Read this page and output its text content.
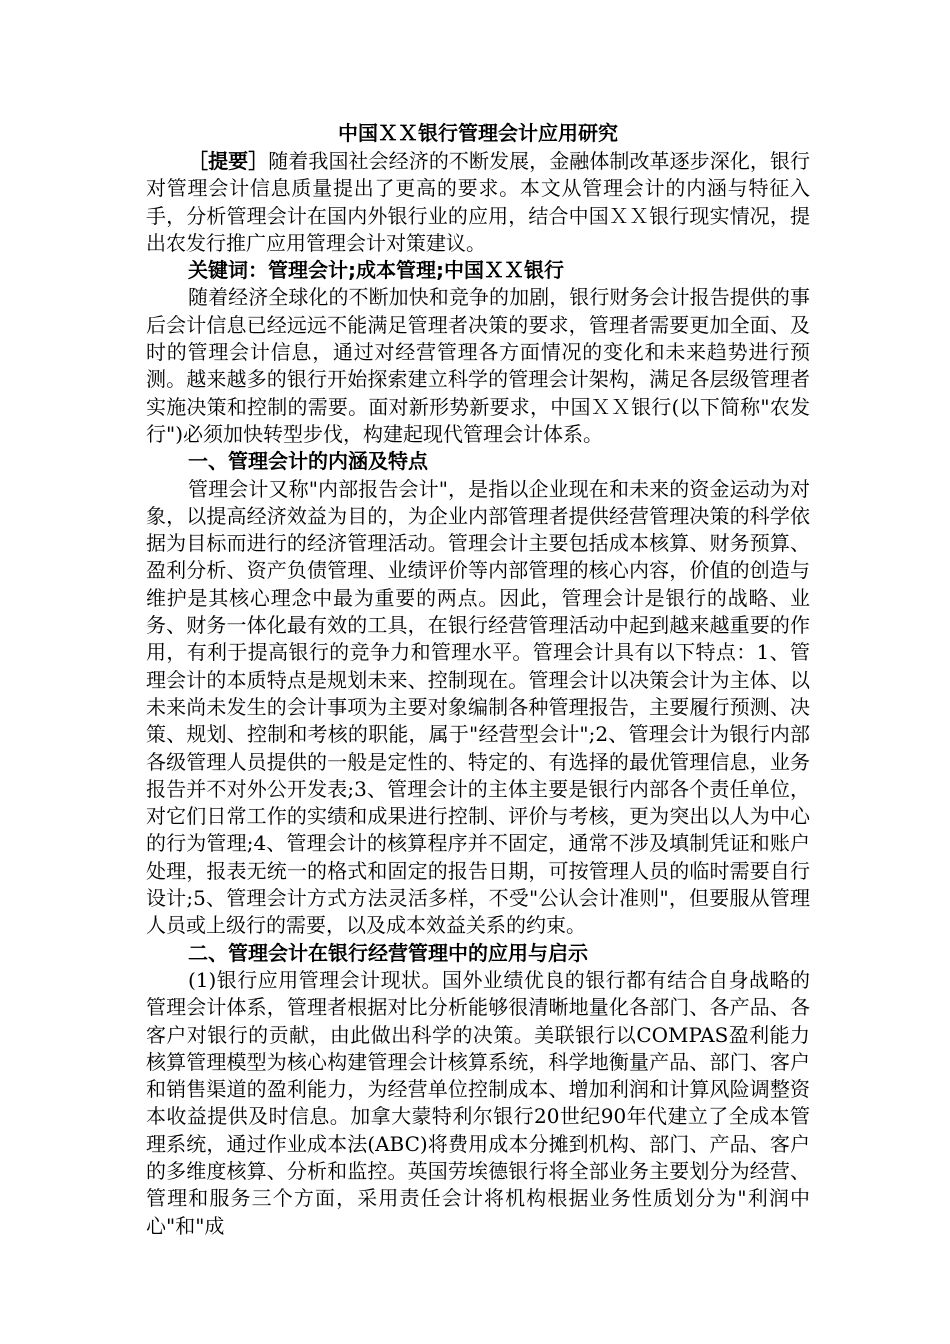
中国ＸＸ银行管理会计应用研究

［提要］随着我国社会经济的不断发展，金融体制改革逐步深化，银行对管理会计信息质量提出了更高的要求。本文从管理会计的内涵与特征入手，分析管理会计在国内外银行业的应用，结合中国ＸＸ银行现实情况，提出农发行推广应用管理会计对策建议。

关键词：管理会计;成本管理;中国ＸＸ银行

随着经济全球化的不断加快和竞争的加剧，银行财务会计报告提供的事后会计信息已经远远不能满足管理者决策的要求，管理者需要更加全面、及时的管理会计信息，通过对经营管理各方面情况的变化和未来趋势进行预测。越来越多的银行开始探索建立科学的管理会计架构，满足各层级管理者实施决策和控制的需要。面对新形势新要求，中国ＸＸ银行(以下简称"农发行")必须加快转型步伐，构建起现代管理会计体系。

一、管理会计的内涵及特点

管理会计又称"内部报告会计"，是指以企业现在和未来的资金运动为对象，以提高经济效益为目的，为企业内部管理者提供经营管理决策的科学依据为目标而进行的经济管理活动。管理会计主要包括成本核算、财务预算、盈利分析、资产负债管理、业绩评价等内部管理的核心内容，价值的创造与维护是其核心理念中最为重要的两点。因此，管理会计是银行的战略、业务、财务一体化最有效的工具，在银行经营管理活动中起到越来越重要的作用，有利于提高银行的竞争力和管理水平。管理会计具有以下特点：1、管理会计的本质特点是规划未来、控制现在。管理会计以决策会计为主体、以未来尚未发生的会计事项为主要对象编制各种管理报告，主要履行预测、决策、规划、控制和考核的职能，属于"经营型会计";2、管理会计为银行内部各级管理人员提供的一般是定性的、特定的、有选择的最优管理信息，业务报告并不对外公开发表;3、管理会计的主体主要是银行内部各个责任单位，对它们日常工作的实绩和成果进行控制、评价与考核，更为突出以人为中心的行为管理;4、管理会计的核算程序并不固定，通常不涉及填制凭证和账户处理，报表无统一的格式和固定的报告日期，可按管理人员的临时需要自行设计;5、管理会计方式方法灵活多样，不受"公认会计准则"，但要服从管理人员或上级行的需要，以及成本效益关系的约束。

二、管理会计在银行经营管理中的应用与启示

(1)银行应用管理会计现状。国外业绩优良的银行都有结合自身战略的管理会计体系，管理者根据对比分析能够很清晰地量化各部门、各产品、各客户对银行的贡献，由此做出科学的决策。美联银行以COMPAS盈利能力核算管理模型为核心构建管理会计核算系统，科学地衡量产品、部门、客户和销售渠道的盈利能力，为经营单位控制成本、增加利润和计算风险调整资本收益提供及时信息。加拿大蒙特利尔银行20世纪90年代建立了全成本管理系统，通过作业成本法(ABC)将费用成本分摊到机构、部门、产品、客户的多维度核算、分析和监控。英国劳埃德银行将全部业务主要划分为经营、管理和服务三个方面，采用责任会计将机构根据业务性质划分为"利润中心"和"成
